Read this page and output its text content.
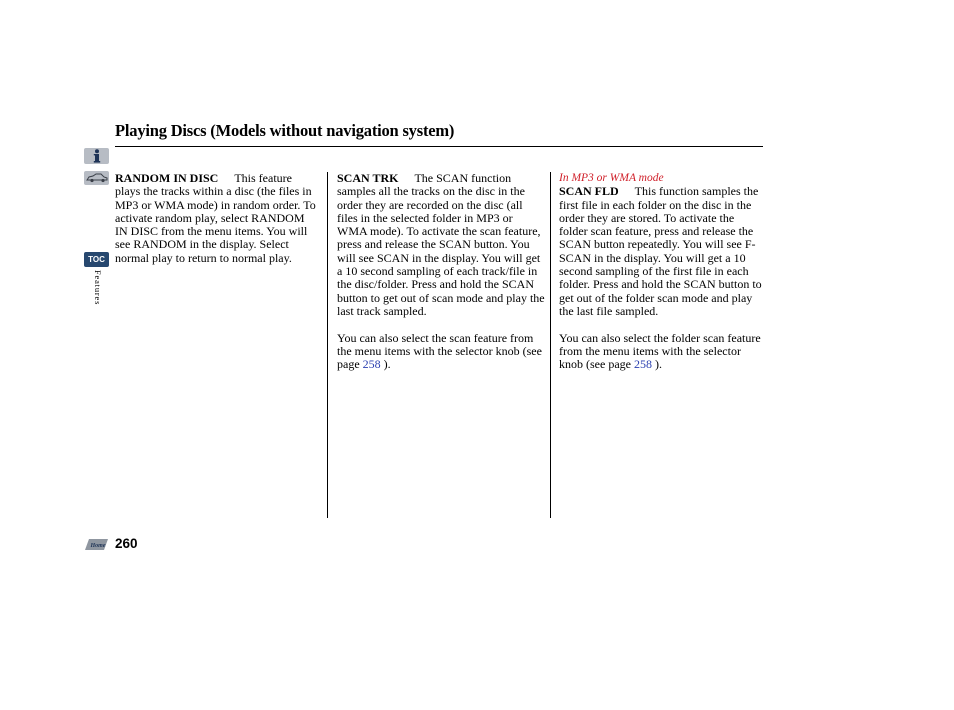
Playing Discs (Models without navigation system)
TOC
Features
Home 260

RANDOM IN DISC This feature plays the tracks within a disc (the files in MP3 or WMA mode) in random order. To activate random play, select RANDOM IN DISC from the menu items. You will see RANDOM in the display. Select normal play to return to normal play.

SCAN TRK The SCAN function samples all the tracks on the disc in the order they are recorded on the disc (all files in the selected folder in MP3 or WMA mode). To activate the scan feature, press and release the SCAN button. You will see SCAN in the display. You will get a 10 second sampling of each track/file in the disc/folder. Press and hold the SCAN button to get out of scan mode and play the last track sampled.

You can also select the scan feature from the menu items with the selector knob (see page 258 ).

In MP3 or WMA mode

SCAN FLD This function samples the first file in each folder on the disc in the order they are stored. To activate the folder scan feature, press and release the SCAN button repeatedly. You will see F-SCAN in the display. You will get a 10 second sampling of the first file in each folder. Press and hold the SCAN button to get out of the folder scan mode and play the last file sampled.

You can also select the folder scan feature from the menu items with the selector knob (see page 258 ).
